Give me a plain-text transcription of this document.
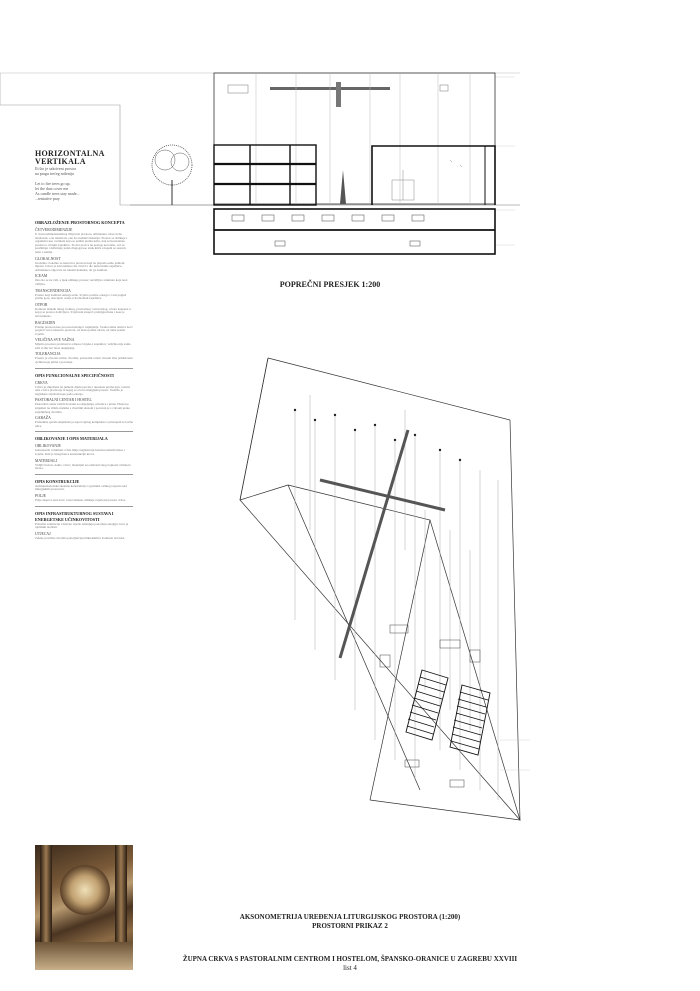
HORIZONTALNA
VERTIKALA
Ili što je sakriveni prostor
na pragu trećeg milenija
Let to fire trees go up,
let the dust cover me
As candle trees stay made...
...tentative pray
OBRAZLOŽENJE PROSTORNOG KONCEPTA
ČETVERODIMENZIJE
U četverodimenzionalnoj čitljivosti prostora, arhitektura crkve treba izražavati, a ne ilustrirati, ono što nadilazi materiju. Prostor se oblikuje i organizira kao vertikala koja se uzdiže prema nebu, dok se horizontala prostire u ravnini zajednice. Ta dva pravca ne postoje neovisno, već se prožimaju i definiraju jedan drugoga kao znak križa u kojem se susreću nebo i zemlja.
GLOKALNOST
Globalno i lokalno se susreću u prostoru koji ne pripada samo jednom mjestu. Crkva je istovremeno dio četvrti i dio univerzalne zajednice. Arhitektura odgovara na lokalni kontekst, ali ga nadilazi.
ICEAM
Ono što se ne vidi, a ipak oblikuje prostor; nevidljiva struktura koja nosi vidljivo.
TRANSCENDENCIJA
Prostor koji nadilazi samoga sebe. Svjetlo prodire odozgo i vodi pogled prema gore, dok tijelo ostaje u horizontali zajednice.
OTPOR
Kontrast između lakog i teškog, prozračnog i zatvorenog, otvara napetost u kojoj se prostor doživljava. Svjetlosni stupovi probijaju masu i nose je istovremeno.
BAGDADIN
Pristup prostoru kao procesu kretanja i uspinjanja. Svaka razina otkriva novi pogled i novo iskustvo prostora, od ulaza prema oltaru, od tame prema svjetlu.
VELIČINA SVE VAŽNA
Mjerilo prostora proizlazi iz odnosa čovjeka i zajednice; veličina nije sama sebi svrha već izraz okupljanja.
TOLERANCIJA
Prostor je otvoren svima; dvorište, pastoralni centar i hostel čine jedinstvenu cjelinu koja prima i povezuje.
OPIS FUNKCIONALNE SPECIFIČNOSTI
CRKVA
Crkva je smještena na južnom dijelu parcele i okrenuta prema trgu. Glavni ulaz vodi u predvorje iz kojeg se otvara liturgijski prostor. Svetište je naglašeno svjetlom koje pada odozgo.
PASTORALNI CENTAR I HOSTEL
Pastoralni centar sadrži dvoranu za okupljanja, učionice i urede. Hostel je smješten na višim etažama s vlastitim ulazom i povezan je s crkvom preko zajedničkog dvorišta.
GARAŽA
Podzemna garaža smještena je ispod cijelog kompleksa s pristupom iz bočne ulice.
OBLIKOVANJE I OPIS MATERIJALA
OBLIKOVANJE
Jednostavni volumeni i čiste linije naglašavaju kontrast između mase i svjetla. Križ je integriran u konstrukciju krova.
MATERIJALI
Vidljivi beton, staklo i drvo; materijali su odabrani zbog trajnosti i mirnoće izraza.
OPIS KONSTRUKCIJE
Armiranobetonska skeletna konstrukcija s gredama velikog raspona nad liturgijskim prostorom.
POLJE
Polje stupova nosi krov i istovremeno oblikuje svjetlosni prostor crkve.
OPIS INFRASTRUKTURNOG SUSTAVA I ENERGETSKE UČINKOVITOSTI
Prirodna ventilacija i dnevno svjetlo smanjuju potrošnju energije; krov je toplinski izoliran.
UTJECAJ
Zelene površine dvorišta poboljšavaju mikroklimu i kvalitetu boravka.
POPREČNI PRESJEK 1:200
AKSONOMETRIJA UREĐENJA LITURGIJSKOG PROSTORA (1:200)
PROSTORNI PRIKAZ 2
ŽUPNA CRKVA S PASTORALNIM CENTROM I HOSTELOM, ŠPANSKO-ORANICE U ZAGREBU XXVIII
list 4
